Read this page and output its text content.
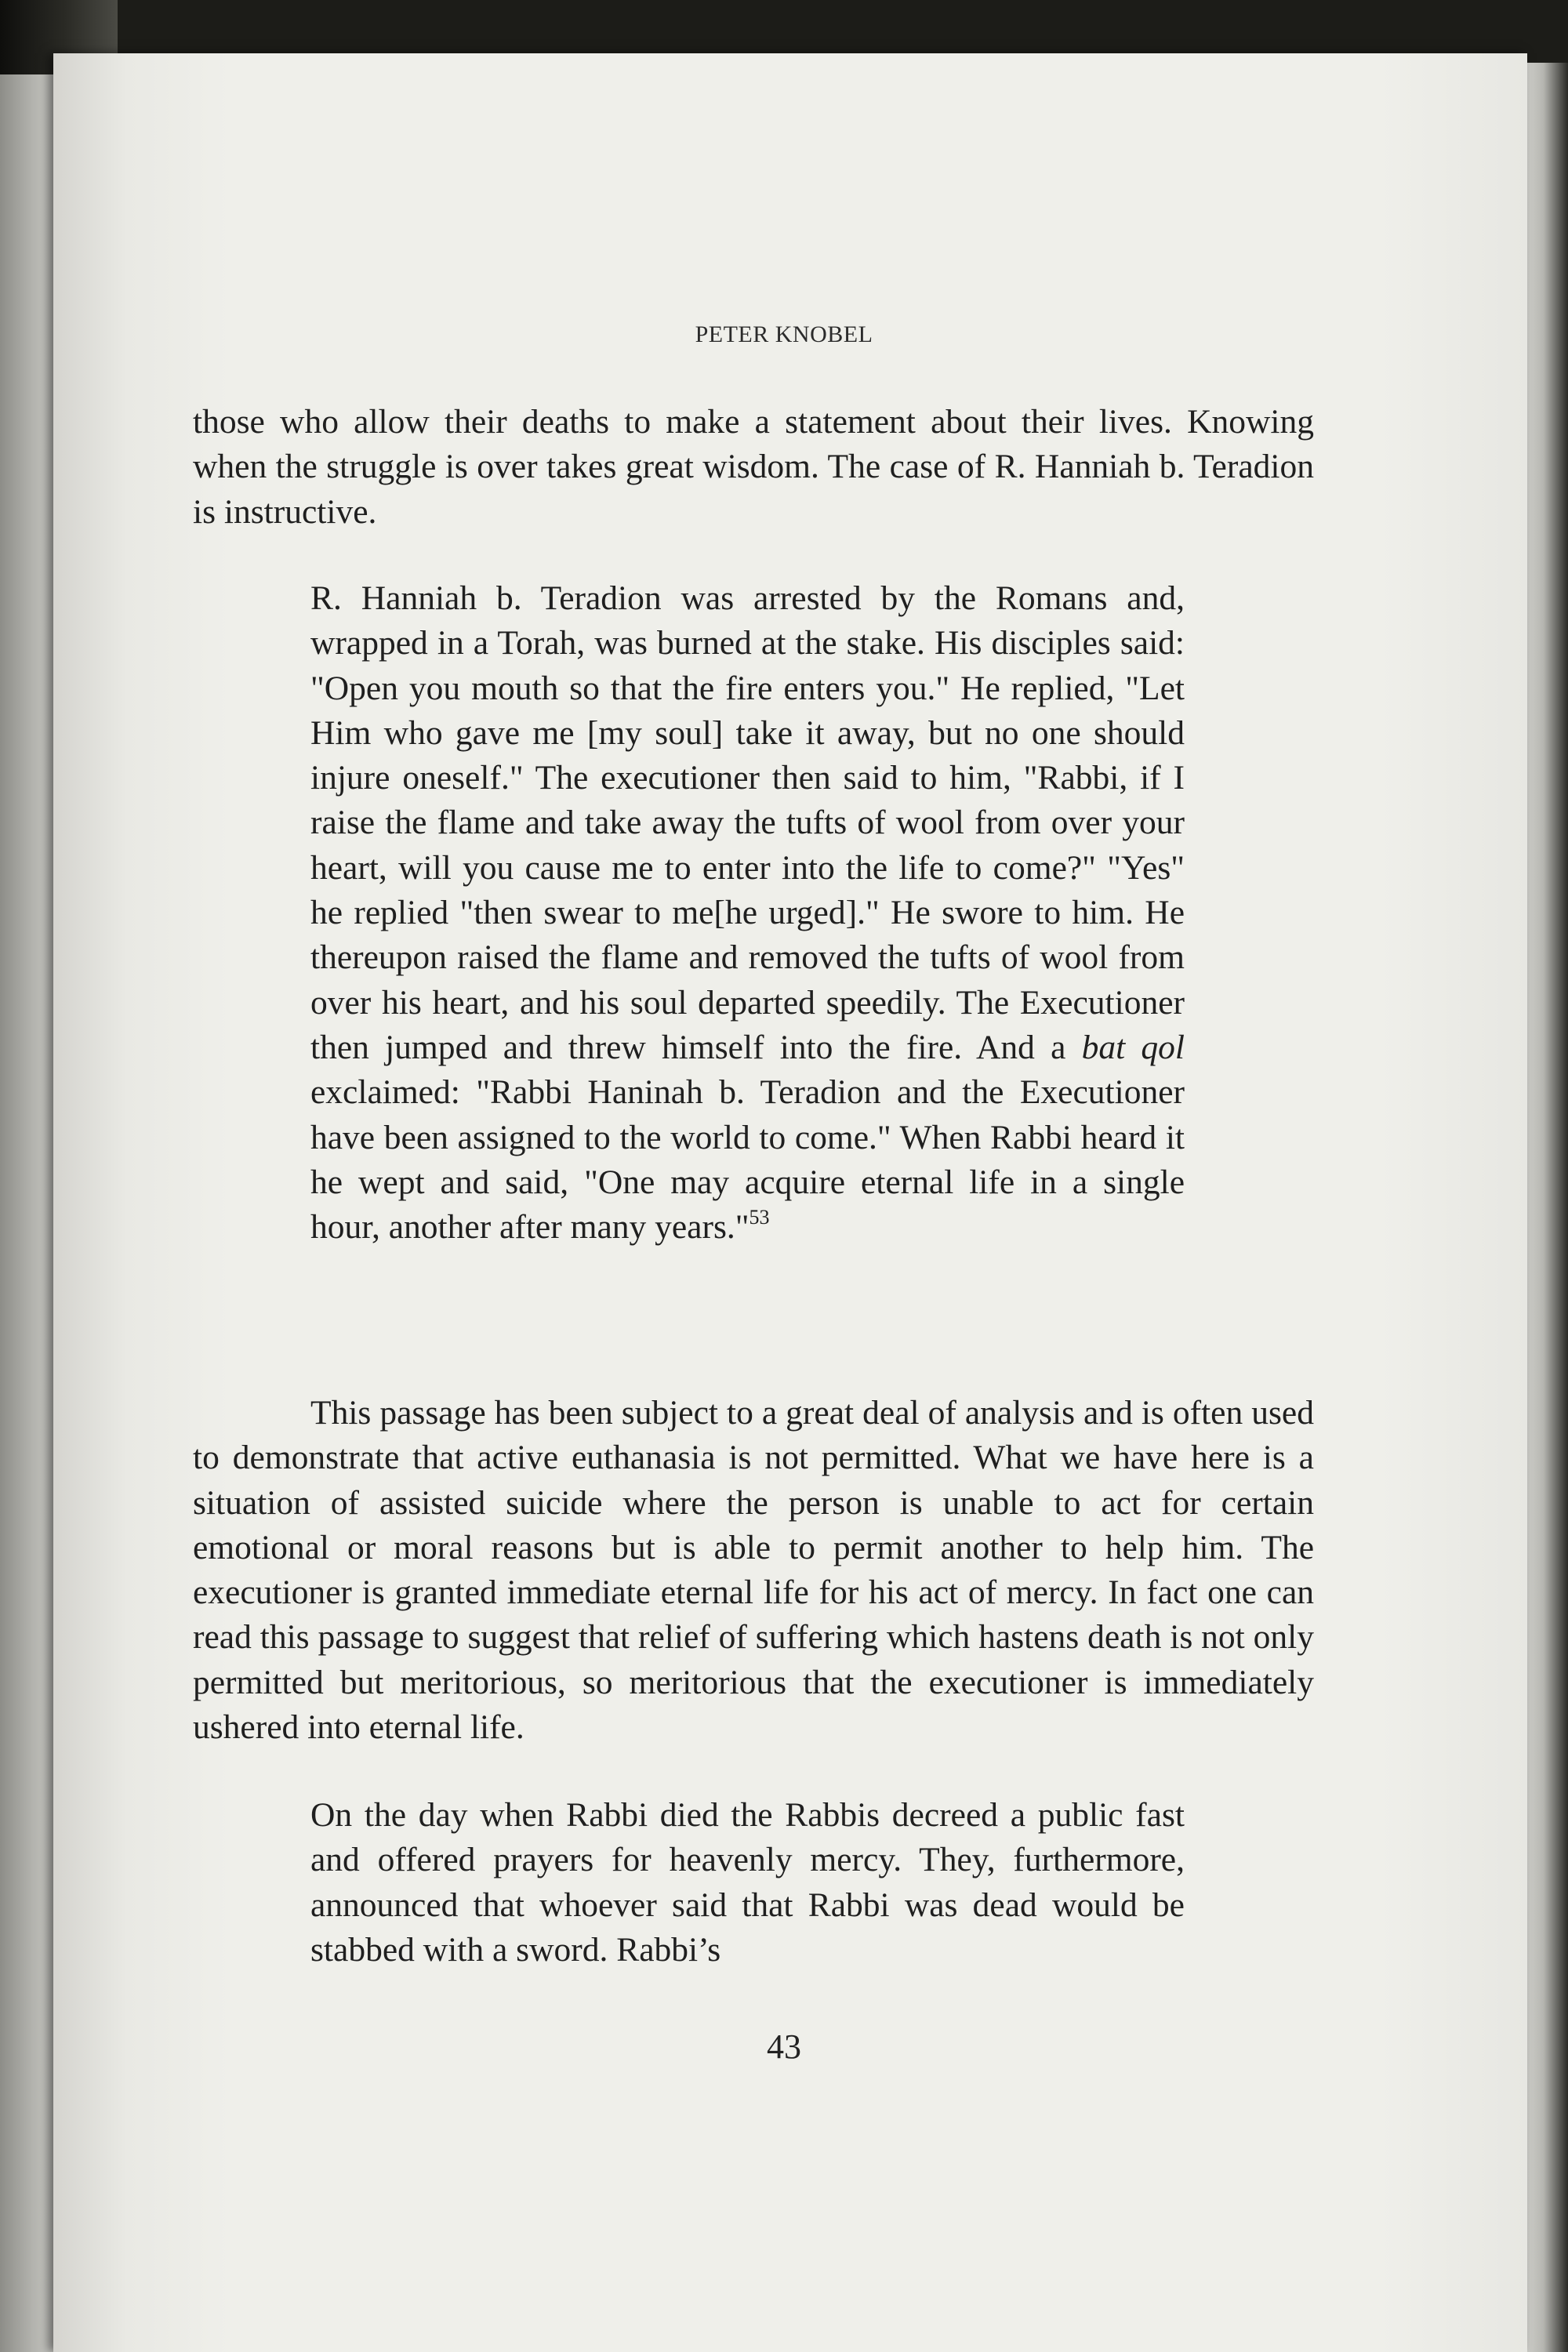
PETER KNOBEL

those who allow their deaths to make a statement about their lives. Knowing when the struggle is over takes great wisdom. The case of R. Hanniah b. Teradion is instructive.

R. Hanniah b. Teradion was arrested by the Romans and, wrapped in a Torah, was burned at the stake. His disciples said: "Open you mouth so that the fire enters you." He replied, "Let Him who gave me [my soul] take it away, but no one should injure oneself." The executioner then said to him, "Rabbi, if I raise the flame and take away the tufts of wool from over your heart, will you cause me to enter into the life to come?" "Yes" he replied "then swear to me[he urged]." He swore to him. He thereupon raised the flame and removed the tufts of wool from over his heart, and his soul departed speedily. The Executioner then jumped and threw himself into the fire. And a bat qol exclaimed: "Rabbi Haninah b. Teradion and the Executioner have been assigned to the world to come." When Rabbi heard it he wept and said, "One may acquire eternal life in a single hour, another after many years."$^{53}$

This passage has been subject to a great deal of analysis and is often used to demonstrate that active euthanasia is not permitted. What we have here is a situation of assisted suicide where the person is unable to act for certain emotional or moral reasons but is able to permit another to help him. The executioner is granted immediate eternal life for his act of mercy. In fact one can read this passage to suggest that relief of suffering which hastens death is not only permitted but meritorious, so meritorious that the executioner is immediately ushered into eternal life.

On the day when Rabbi died the Rabbis decreed a public fast and offered prayers for heavenly mercy. They, furthermore, announced that whoever said that Rabbi was dead would be stabbed with a sword. Rabbi’s

43
